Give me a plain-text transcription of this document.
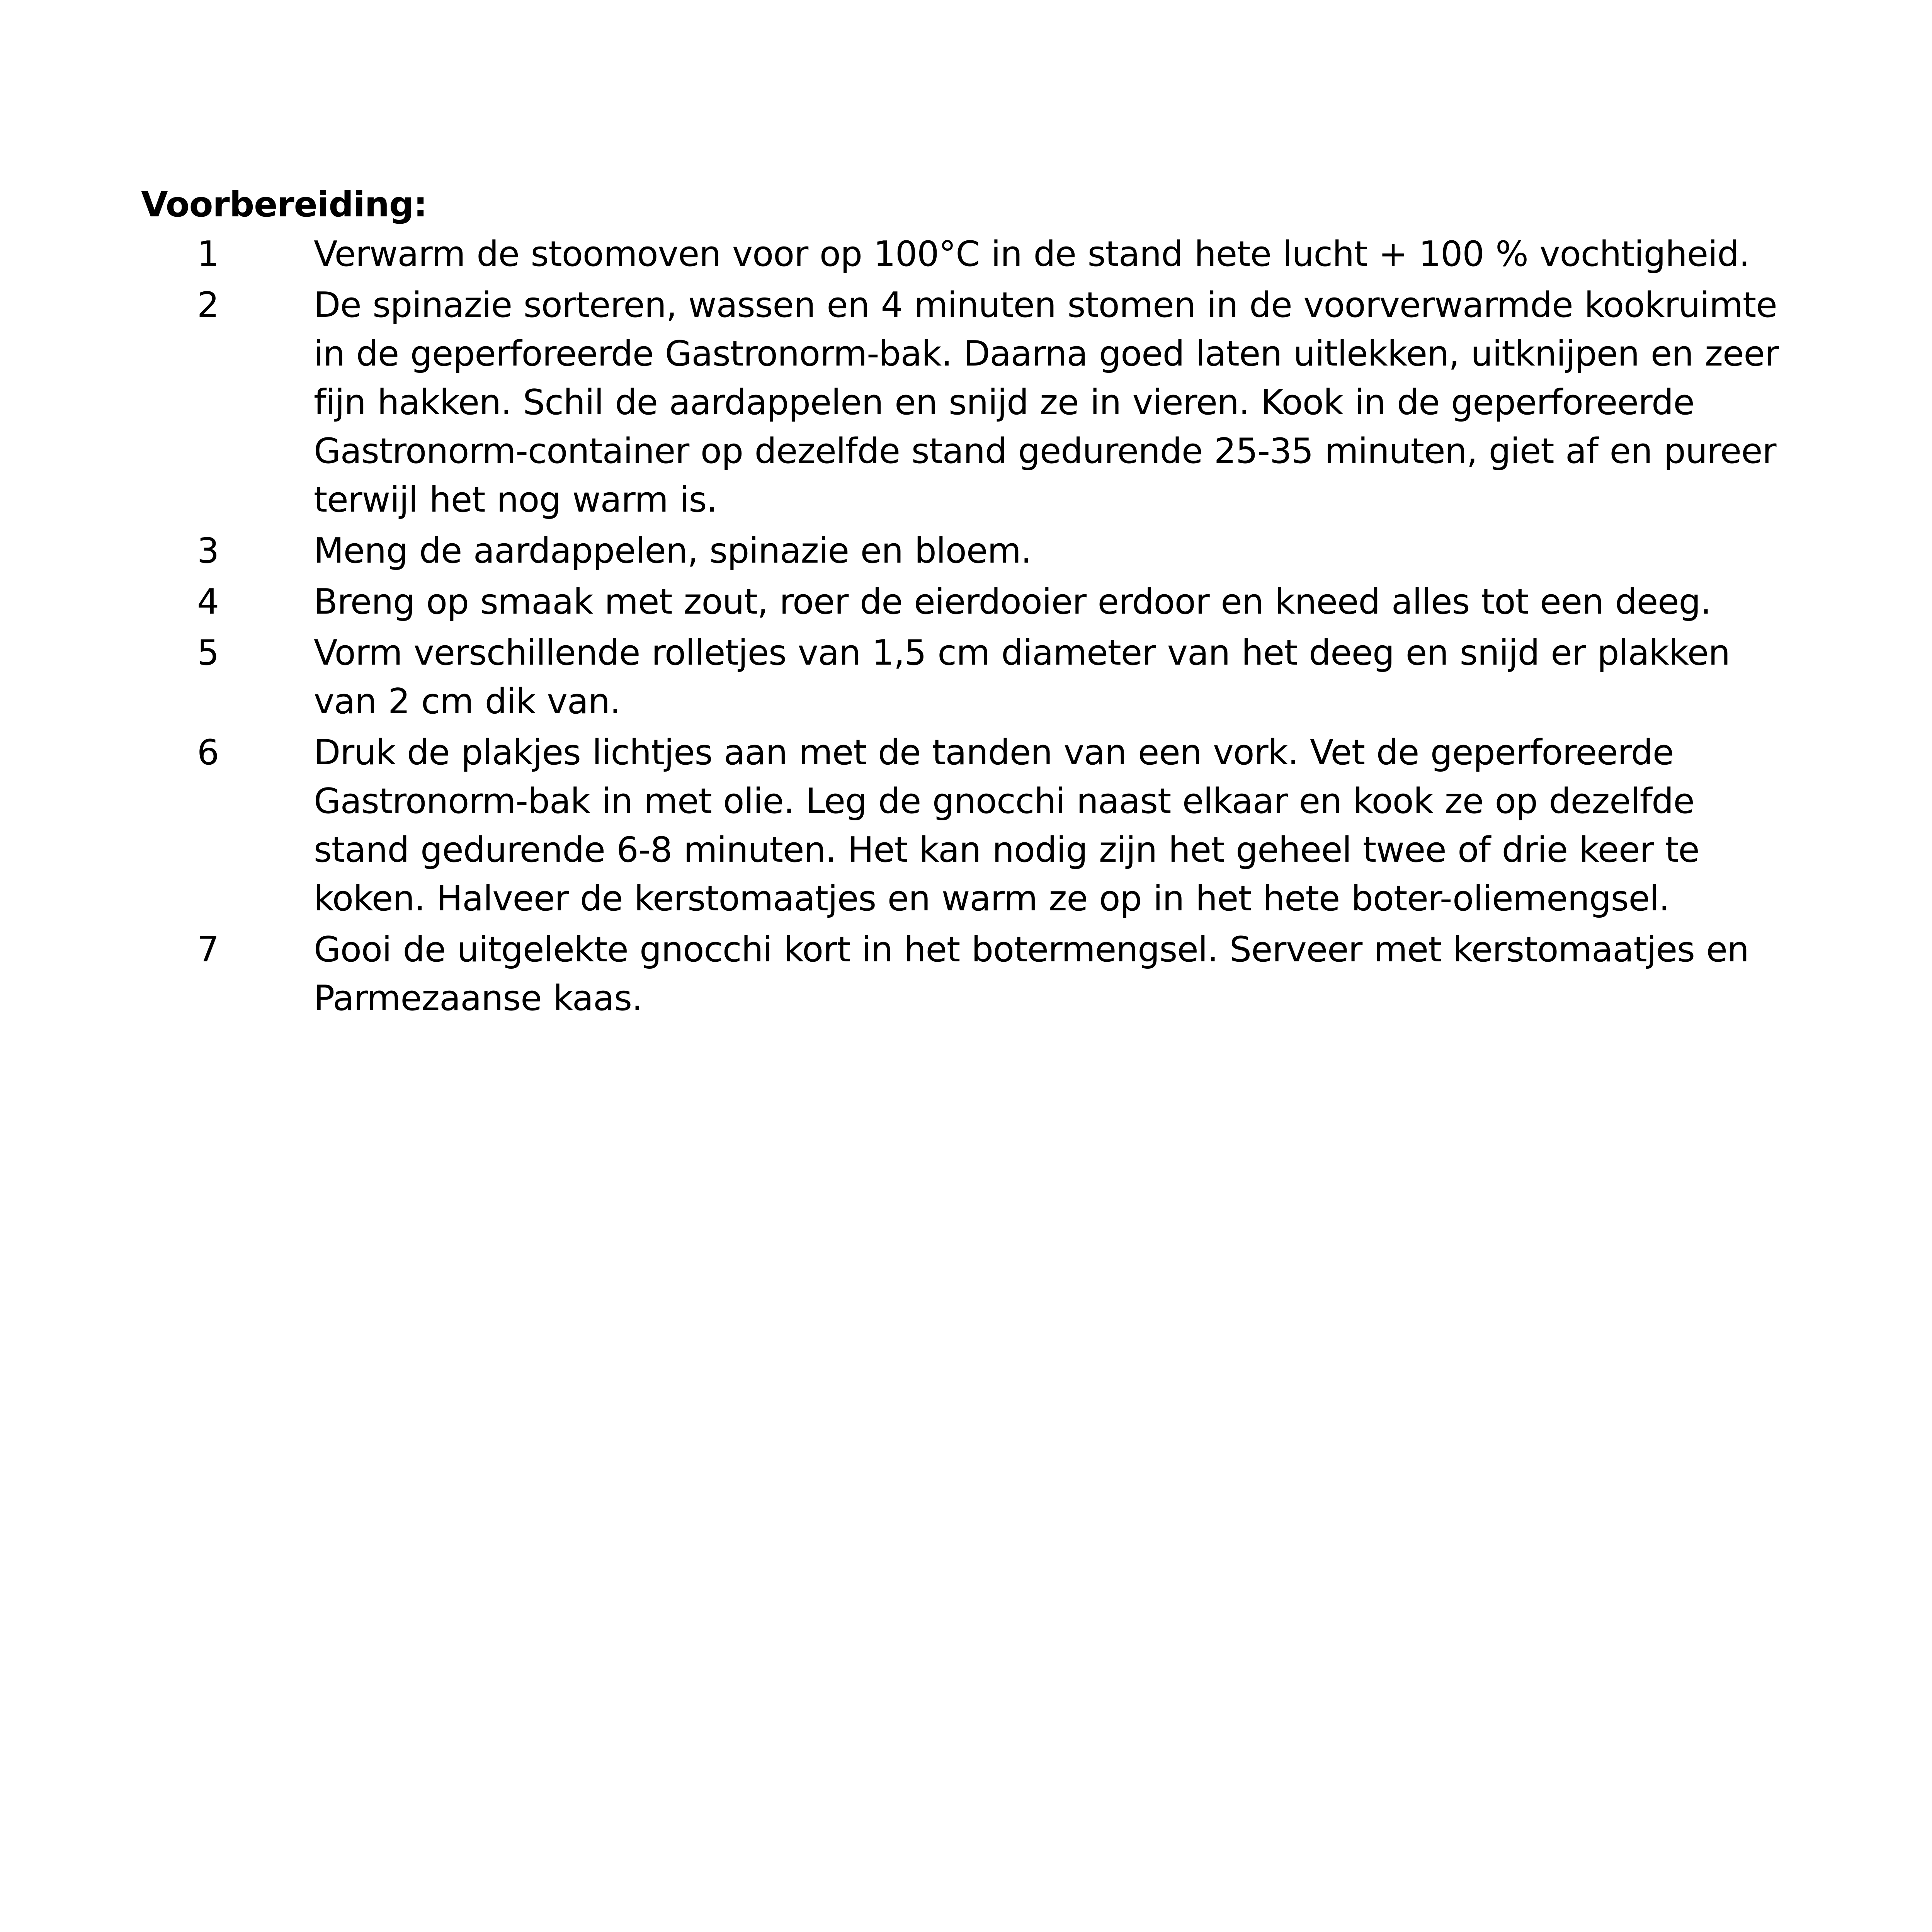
Voorbereiding:
1	Verwarm de stoomoven voor op 100°C in de stand hete lucht + 100 % vochtigheid.
2	De spinazie sorteren, wassen en 4 minuten stomen in de voorverwarmde kookruimte in de geperforeerde Gastronorm-bak. Daarna goed laten uitlekken, uitknijpen en zeer fijn hakken. Schil de aardappelen en snijd ze in vieren. Kook in de geperforeerde Gastronorm-container op dezelfde stand gedurende 25-35 minuten, giet af en pureer terwijl het nog warm is.
3	Meng de aardappelen, spinazie en bloem.
4	Breng op smaak met zout, roer de eierdooier erdoor en kneed alles tot een deeg.
5	Vorm verschillende rolletjes van 1,5 cm diameter van het deeg en snijd er plakken van 2 cm dik van.
6	Druk de plakjes lichtjes aan met de tanden van een vork. Vet de geperforeerde Gastronorm-bak in met olie. Leg de gnocchi naast elkaar en kook ze op dezelfde stand gedurende 6-8 minuten. Het kan nodig zijn het geheel twee of drie keer te koken. Halveer de kerstomaatjes en warm ze op in het hete boter-oliemengsel.
7	Gooi de uitgelekte gnocchi kort in het botermengsel. Serveer met kerstomaatjes en Parmezaanse kaas.
